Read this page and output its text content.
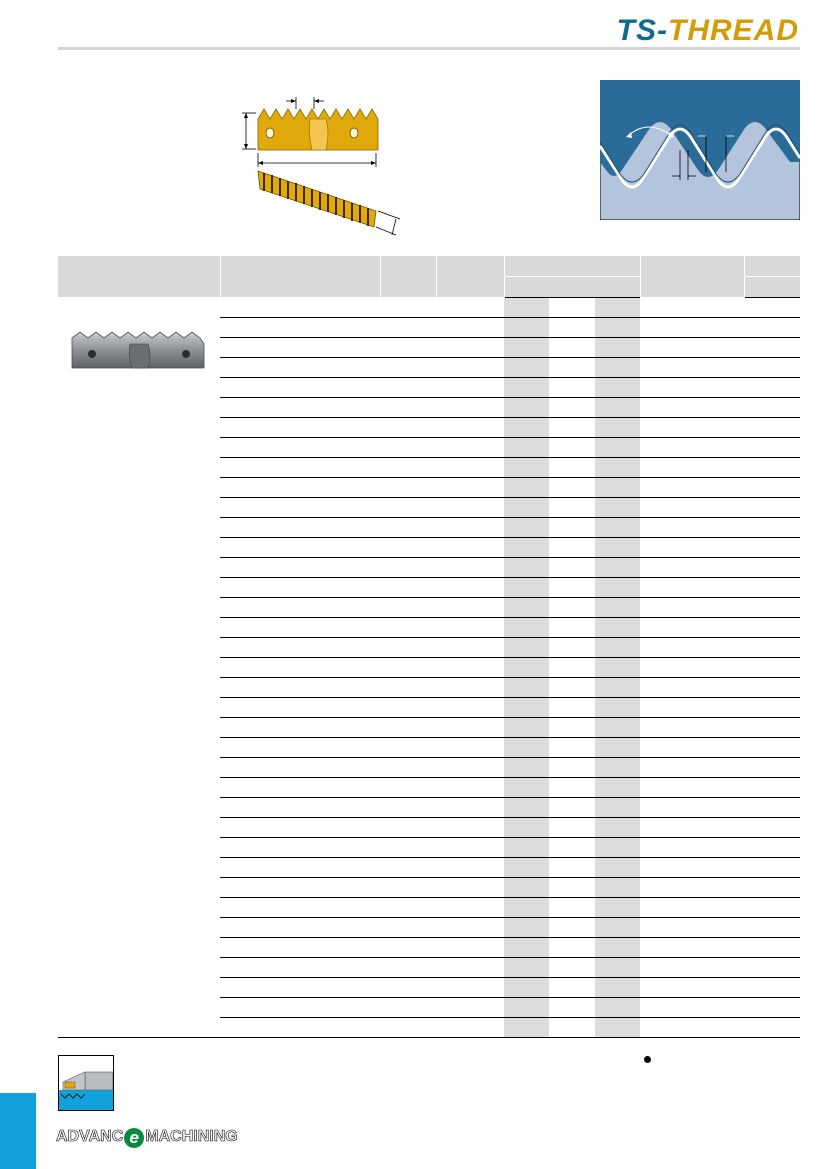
TS-THREAD

ADVANC e MACHINING
